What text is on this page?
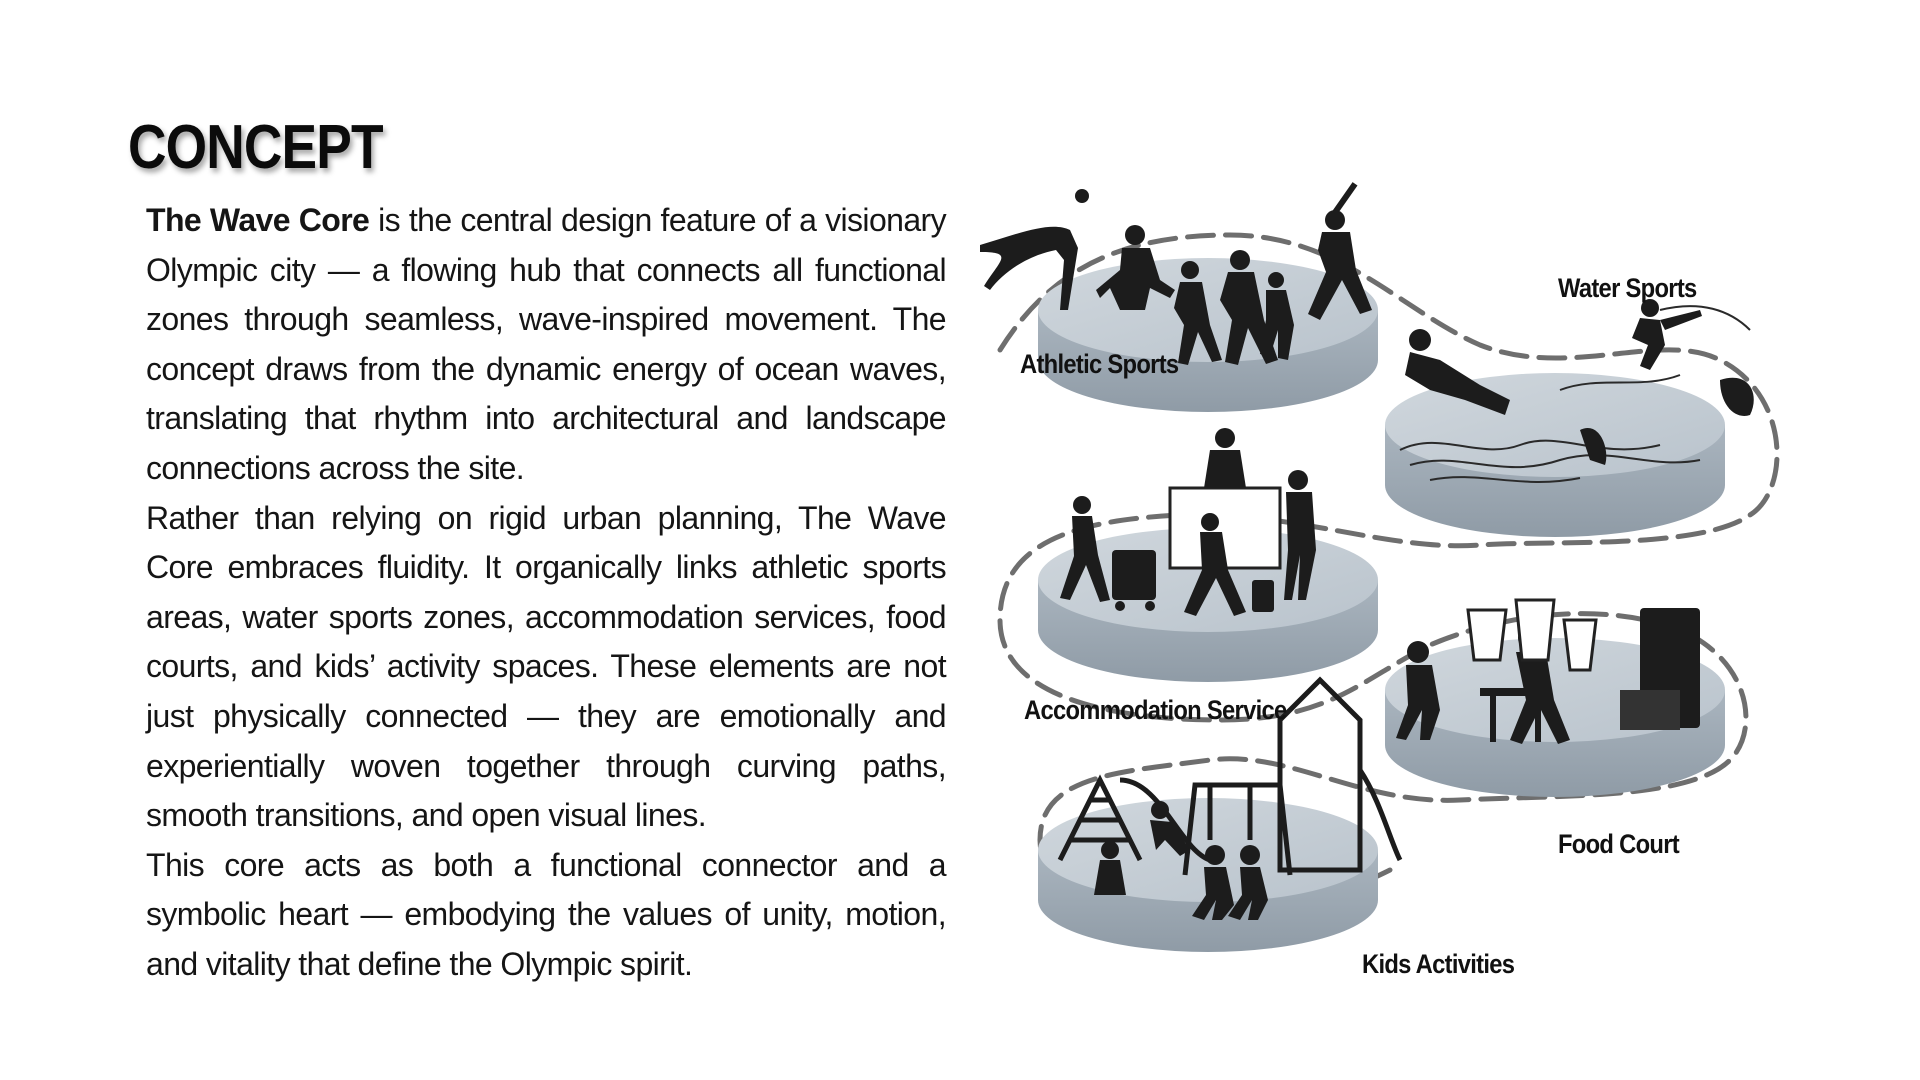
CONCEPT

The Wave Core is the central design feature of a visionary Olympic city — a flowing hub that connects all functional zones through seamless, wave-inspired movement. The concept draws from the dynamic energy of ocean waves, translating that rhythm into architectural and landscape connections across the site.

Rather than relying on rigid urban planning, The Wave Core embraces fluidity. It organically links athletic sports areas, water sports zones, accommodation services, food courts, and kids’ activity spaces. These elements are not just physically connected — they are emotionally and experientially woven together through curving paths, smooth transitions, and open visual lines.

This core acts as both a functional connector and a symbolic heart — embodying the values of unity, motion, and vitality that define the Olympic spirit.

Athletic Sports
Water Sports
Accommodation Service
Food Court
Kids Activities
